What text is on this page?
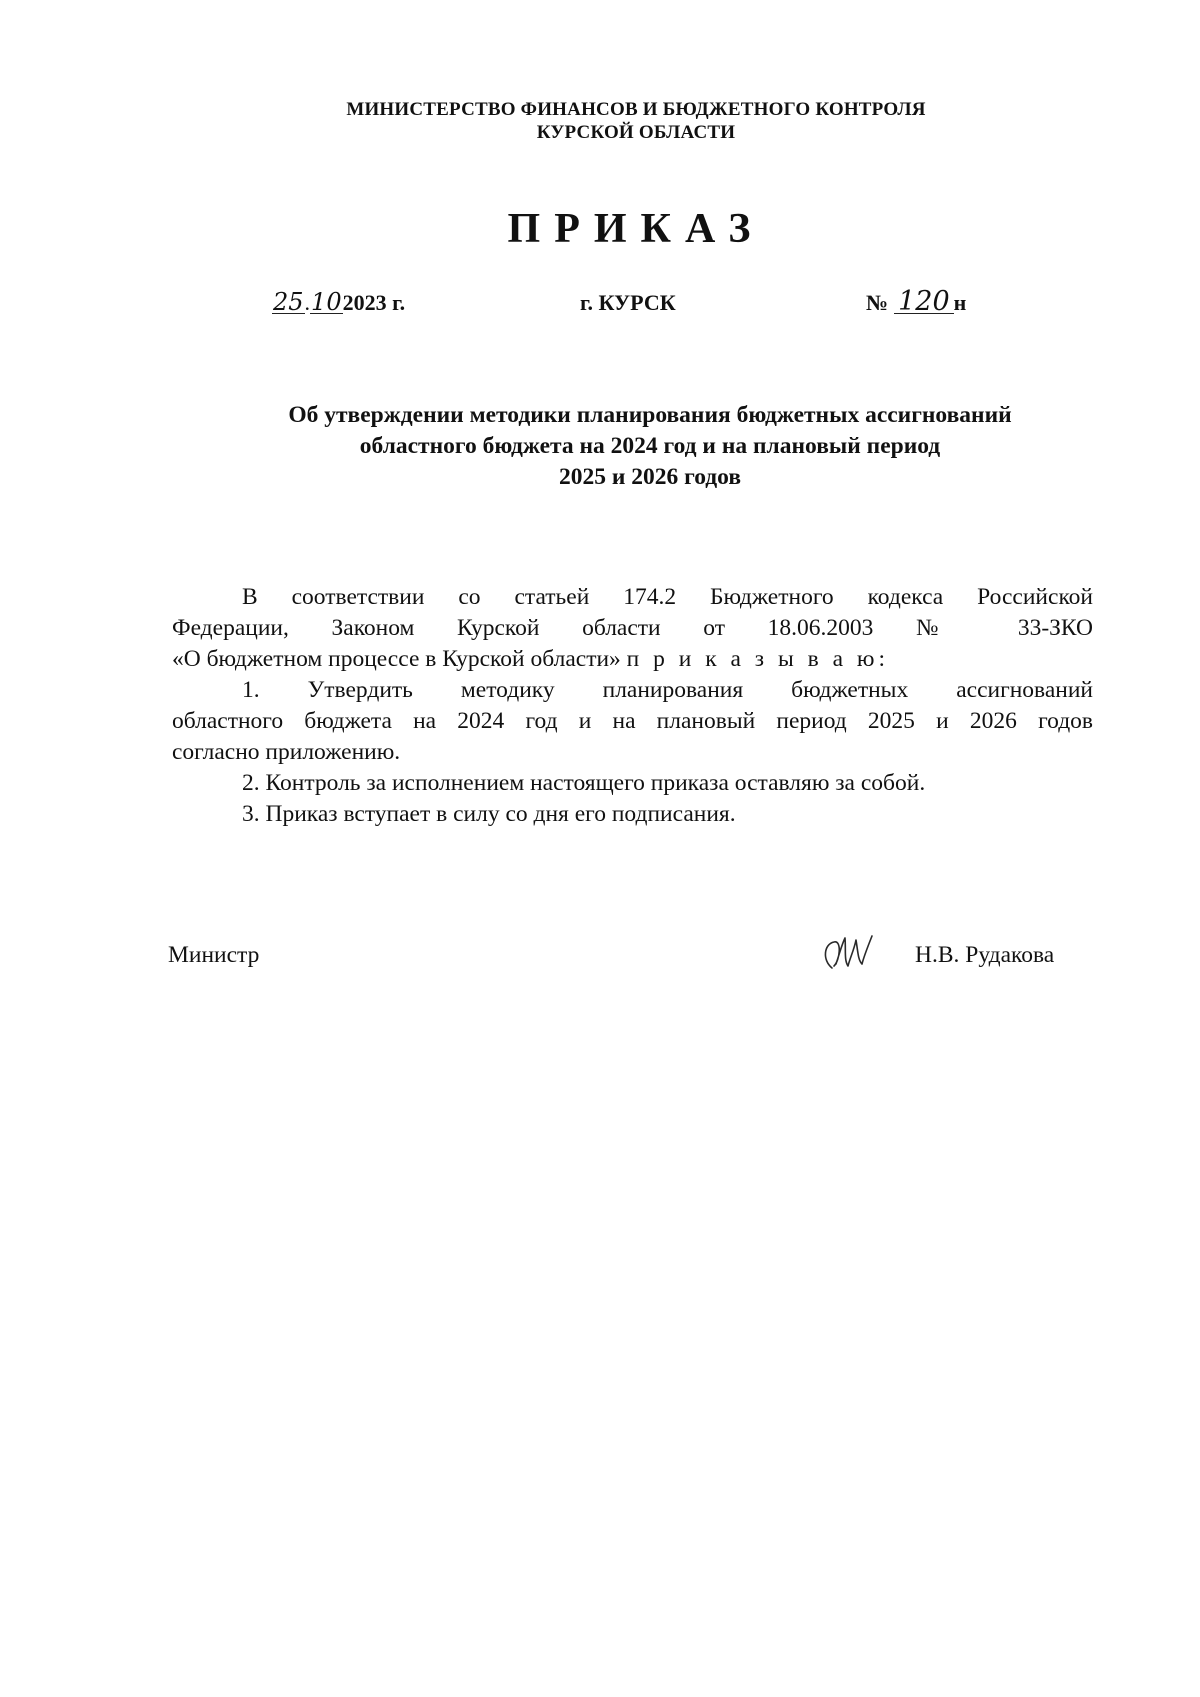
МИНИСТЕРСТВО ФИНАНСОВ И БЮДЖЕТНОГО КОНТРОЛЯ
КУРСКОЙ ОБЛАСТИ
ПРИКАЗ
25.102023 г.	г. КУРСК	№ 120 н
Об утверждении методики планирования бюджетных ассигнований
областного бюджета на 2024 год и на плановый период
2025 и 2026 годов

В соответствии со статьей 174.2 Бюджетного кодекса Российской
Федерации, Законом Курской области от 18.06.2003 № 33-ЗКО
«О бюджетном процессе в Курской области» п р и к а з ы в а ю:

1. Утвердить методику планирования бюджетных ассигнований
областного бюджета на 2024 год и на плановый период 2025 и 2026 годов
согласно приложению.

2. Контроль за исполнением настоящего приказа оставляю за собой.

3. Приказ вступает в силу со дня его подписания.

Министр	Н.В. Рудакова
